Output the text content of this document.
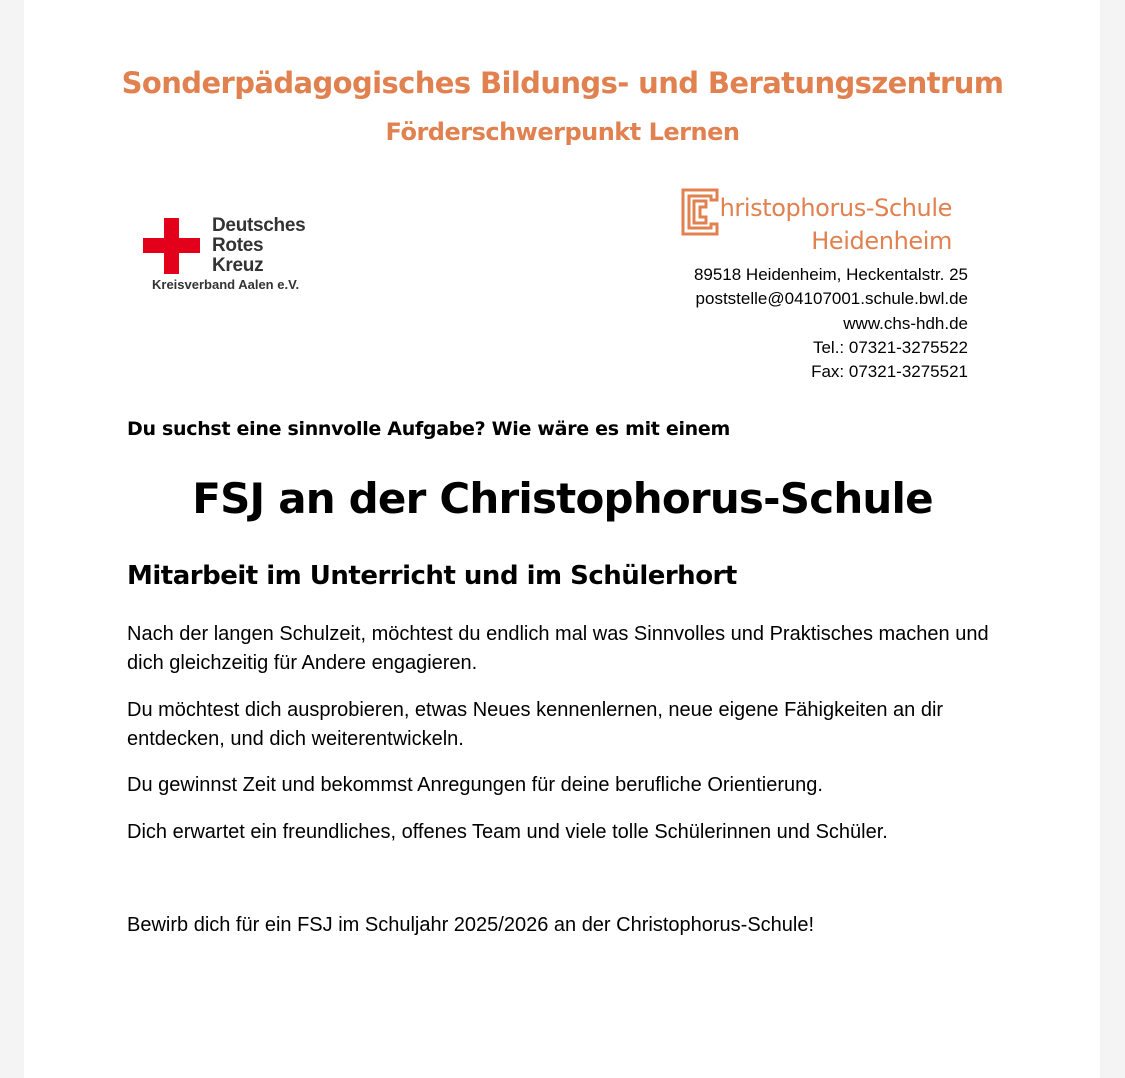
Sonderpädagogisches Bildungs- und Beratungszentrum
Förderschwerpunkt Lernen
Deutsches
Rotes
Kreuz
Kreisverband Aalen e.V.
hristophorus-Schule
Heidenheim
89518 Heidenheim, Heckentalstr. 25
poststelle@04107001.schule.bwl.de
www.chs-hdh.de
Tel.: 07321-3275522
Fax: 07321-3275521
Du suchst eine sinnvolle Aufgabe? Wie wäre es mit einem
FSJ an der Christophorus-Schule
Mitarbeit im Unterricht und im Schülerhort
Nach der langen Schulzeit, möchtest du endlich mal was Sinnvolles und Praktisches machen und dich gleichzeitig für Andere engagieren.
Du möchtest dich ausprobieren, etwas Neues kennenlernen, neue eigene Fähigkeiten an dir entdecken, und dich weiterentwickeln.
Du gewinnst Zeit und bekommst Anregungen für deine berufliche Orientierung.
Dich erwartet ein freundliches, offenes Team und viele tolle Schülerinnen und Schüler.
Bewirb dich für ein FSJ im Schuljahr 2025/2026 an der Christophorus-Schule!
